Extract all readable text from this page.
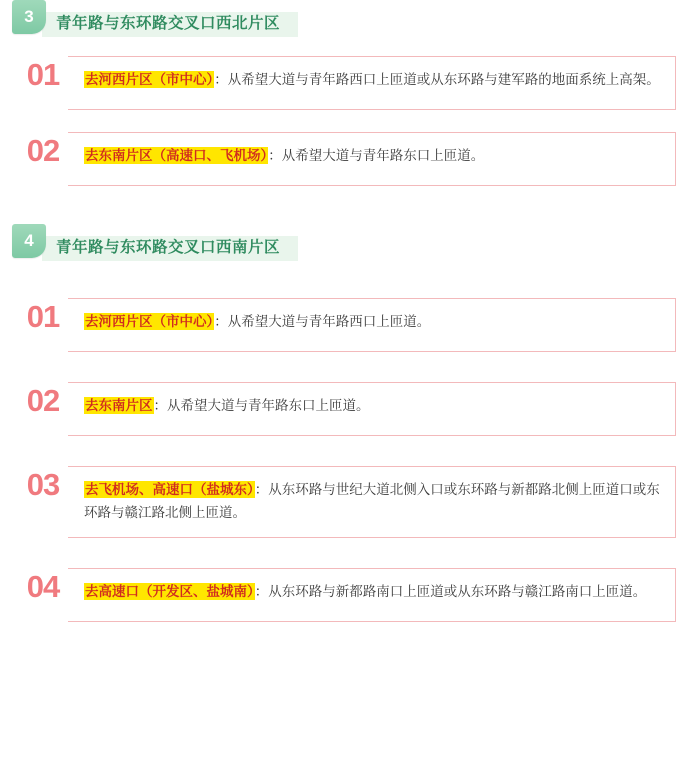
3	青年路与东环路交叉口西北片区
01	去河西片区（市中心）：从希望大道与青年路西口上匝道或从东环路与建军路的地面系统上高架。
02	去东南片区（高速口、飞机场）：从希望大道与青年路东口上匝道。
4	青年路与东环路交叉口西南片区
01	去河西片区（市中心）：从希望大道与青年路西口上匝道。
02	去东南片区：从希望大道与青年路东口上匝道。
03	去飞机场、高速口（盐城东）：从东环路与世纪大道北侧入口或东环路与新都路北侧上匝道口或东环路与赣江路北侧上匝道。
04	去高速口（开发区、盐城南）：从东环路与新都路南口上匝道或从东环路与赣江路南口上匝道。
